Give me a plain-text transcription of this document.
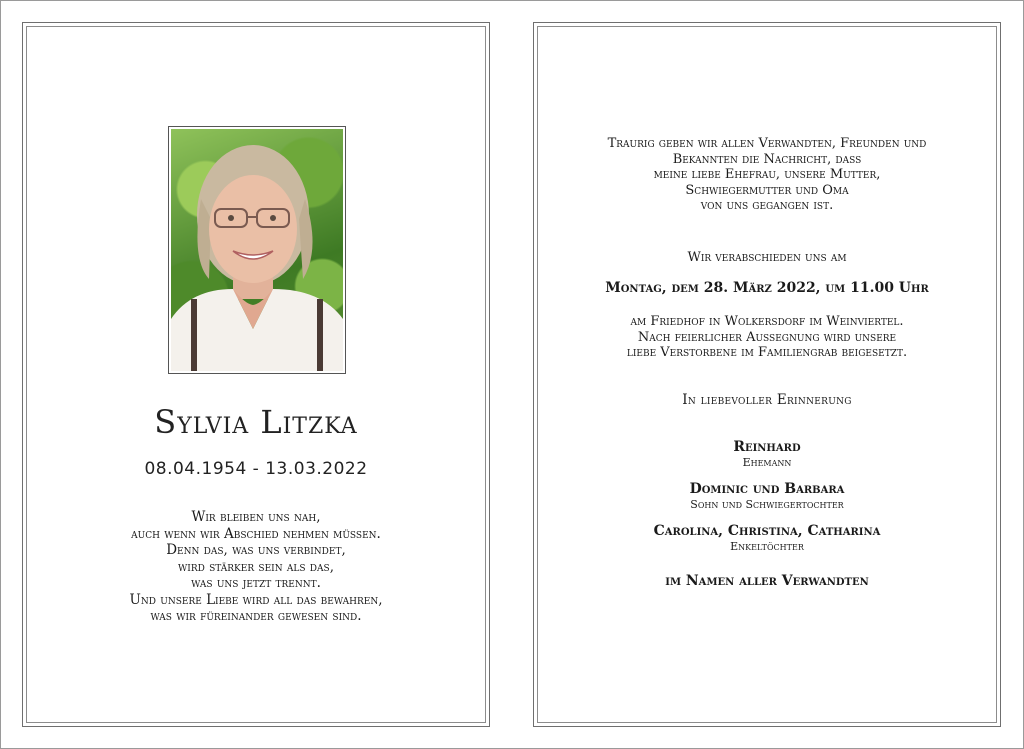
Sylvia Litzka
08.04.1954 - 13.03.2022
Wir bleiben uns nah,
auch wenn wir Abschied nehmen müssen.
Denn das, was uns verbindet,
wird stärker sein als das,
was uns jetzt trennt.
Und unsere Liebe wird all das bewahren,
was wir füreinander gewesen sind.
Traurig geben wir allen Verwandten, Freunden und
Bekannten die Nachricht, dass
meine liebe Ehefrau, unsere Mutter,
Schwiegermutter und Oma
von uns gegangen ist.
Wir verabschieden uns am
Montag, dem 28. März 2022, um 11.00 Uhr
am Friedhof in Wolkersdorf im Weinviertel.
Nach feierlicher Aussegnung wird unsere
liebe Verstorbene im Familiengrab beigesetzt.
In liebevoller Erinnerung
Reinhard
Ehemann
Dominic und Barbara
Sohn und Schwiegertochter
Carolina, Christina, Catharina
Enkeltöchter
im Namen aller Verwandten
